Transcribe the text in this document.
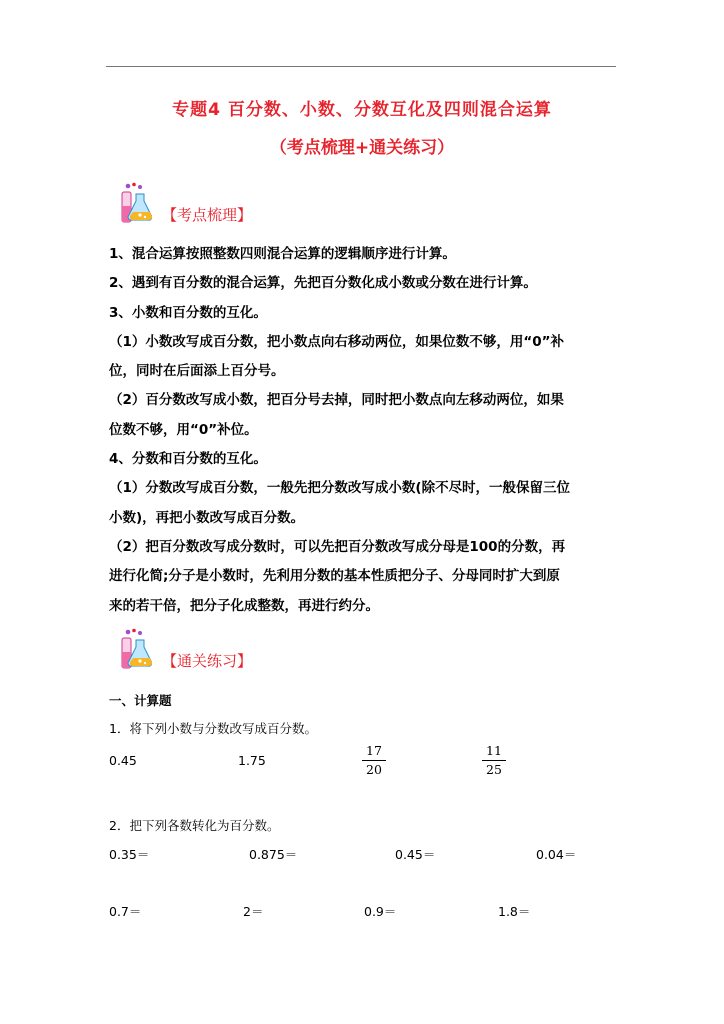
专题4 百分数、小数、分数互化及四则混合运算
（考点梳理+通关练习）
【考点梳理】

1、混合运算按照整数四则混合运算的逻辑顺序进行计算。

2、遇到有百分数的混合运算，先把百分数化成小数或分数在进行计算。

3、小数和百分数的互化。

（1）小数改写成百分数，把小数点向右移动两位，如果位数不够，用“0”补

位，同时在后面添上百分号。

（2）百分数改写成小数，把百分号去掉，同时把小数点向左移动两位，如果

位数不够，用“0”补位。

4、分数和百分数的互化。

（1）分数改写成百分数，一般先把分数改写成小数(除不尽时，一般保留三位

小数)，再把小数改写成百分数。

（2）把百分数改写成分数时，可以先把百分数改写成分母是100的分数，再

进行化简;分子是小数时，先利用分数的基本性质把分子、分母同时扩大到原

来的若干倍，把分子化成整数，再进行约分。

【通关练习】
一、计算题
1．将下列小数与分数改写成百分数。
0.45	1.75
17
20
11
25
2．把下列各数转化为百分数。
0.35＝	0.875＝	0.45＝	0.04＝
0.7＝	2＝	0.9＝	1.8＝
